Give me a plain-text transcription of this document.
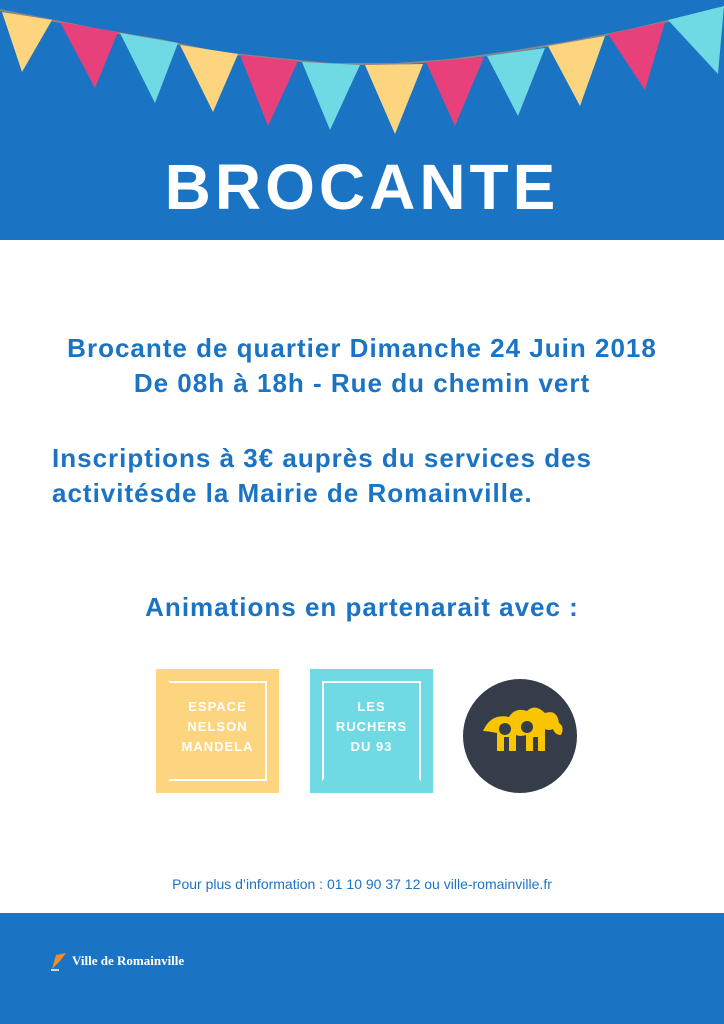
BROCANTE
Brocante de quartier Dimanche 24 Juin 2018
De 08h à 18h - Rue du chemin vert
Inscriptions à 3€ auprès du services des
activitésde la Mairie de Romainville.
Animations en partenarait avec :
ESPACE
NELSON
MANDELA
LES
RUCHERS
DU 93
Pour plus d’information : 01 10 90 37 12 ou ville-romainville.fr
Ville de Romainville
